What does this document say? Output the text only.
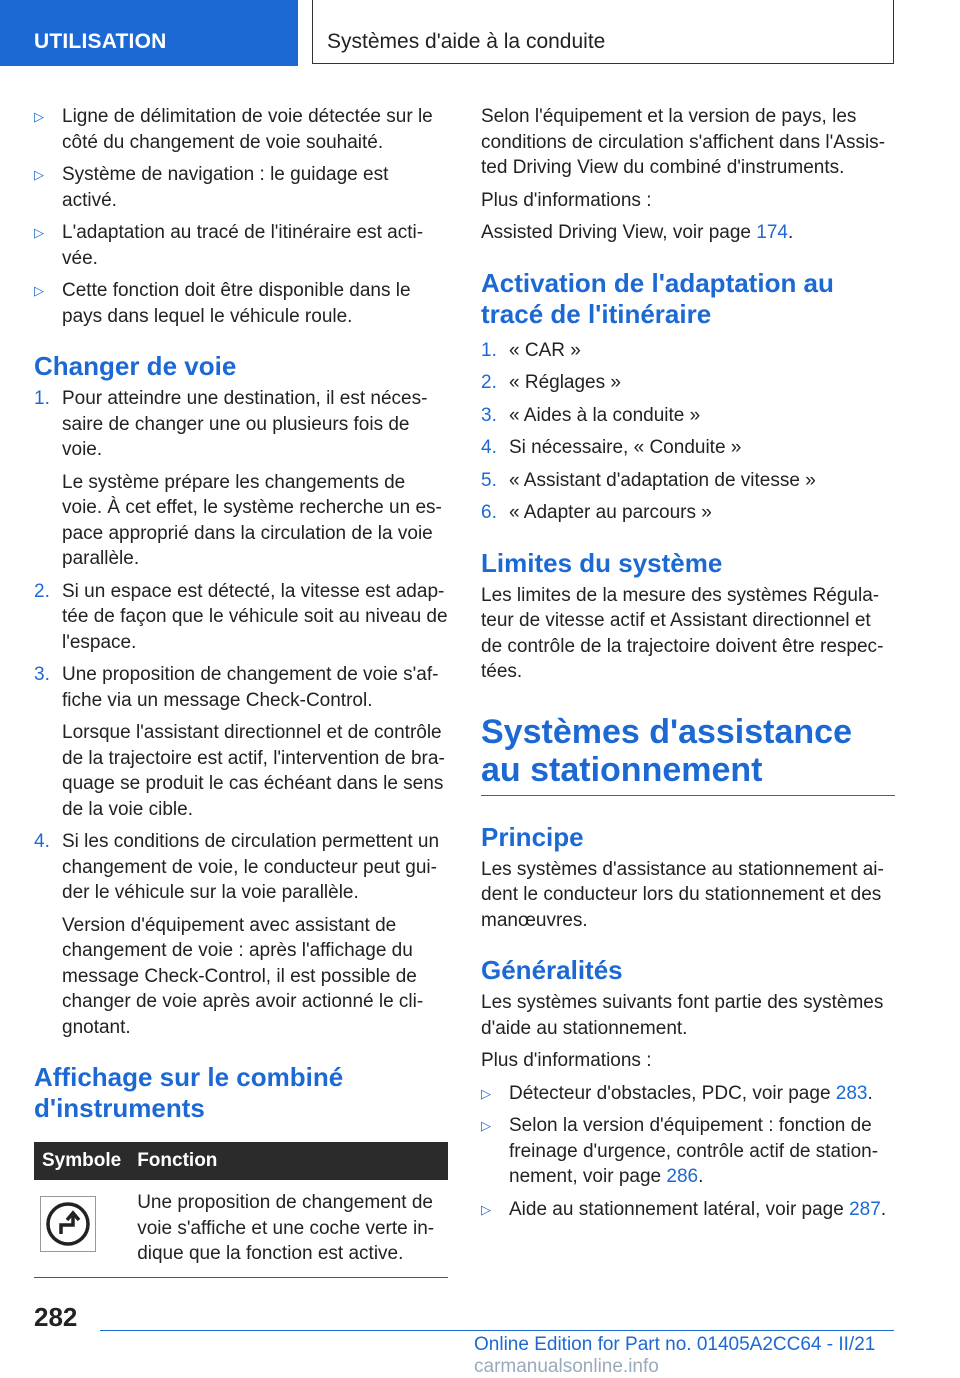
UTILISATION	Systèmes d'aide à la conduite
▷ Ligne de délimitation de voie détectée sur le côté du changement de voie souhaité.
▷ Système de navigation : le guidage est activé.
▷ L'adaptation au tracé de l'itinéraire est activée.
▷ Cette fonction doit être disponible dans le pays dans lequel le véhicule roule.
Changer de voie
1. Pour atteindre une destination, il est nécessaire de changer une ou plusieurs fois de voie.
Le système prépare les changements de voie. À cet effet, le système recherche un espace approprié dans la circulation de la voie parallèle.
2. Si un espace est détecté, la vitesse est adaptée de façon que le véhicule soit au niveau de l'espace.
3. Une proposition de changement de voie s'affiche via un message Check-Control.
Lorsque l'assistant directionnel et de contrôle de la trajectoire est actif, l'intervention de braquage se produit le cas échéant dans le sens de la voie cible.
4. Si les conditions de circulation permettent un changement de voie, le conducteur peut guider le véhicule sur la voie parallèle.
Version d'équipement avec assistant de changement de voie : après l'affichage du message Check-Control, il est possible de changer de voie après avoir actionné le clignotant.
Affichage sur le combiné d'instruments
Symbole	Fonction

	Une proposition de changement de voie s'affiche et une coche verte indique que la fonction est active.

Selon l'équipement et la version de pays, les conditions de circulation s'affichent dans l'Assisted Driving View du combiné d'instruments.

Plus d'informations :

Assisted Driving View, voir page 174.

Activation de l'adaptation au tracé de l'itinéraire
1. « CAR »
2. « Réglages »
3. « Aides à la conduite »
4. Si nécessaire, « Conduite »
5. « Assistant d'adaptation de vitesse »
6. « Adapter au parcours »
Limites du système

Les limites de la mesure des systèmes Régulateur de vitesse actif et Assistant directionnel et de contrôle de la trajectoire doivent être respectées.

Systèmes d'assistance au stationnement
Principe

Les systèmes d'assistance au stationnement aident le conducteur lors du stationnement et des manœuvres.

Généralités

Les systèmes suivants font partie des systèmes d'aide au stationnement.

Plus d'informations :

▷ Détecteur d'obstacles, PDC, voir page 283.
▷ Selon la version d'équipement : fonction de freinage d'urgence, contrôle actif de stationnement, voir page 286.
▷ Aide au stationnement latéral, voir page 287.
282
Online Edition for Part no. 01405A2CC64 - II/21 carmanualsonline.info
